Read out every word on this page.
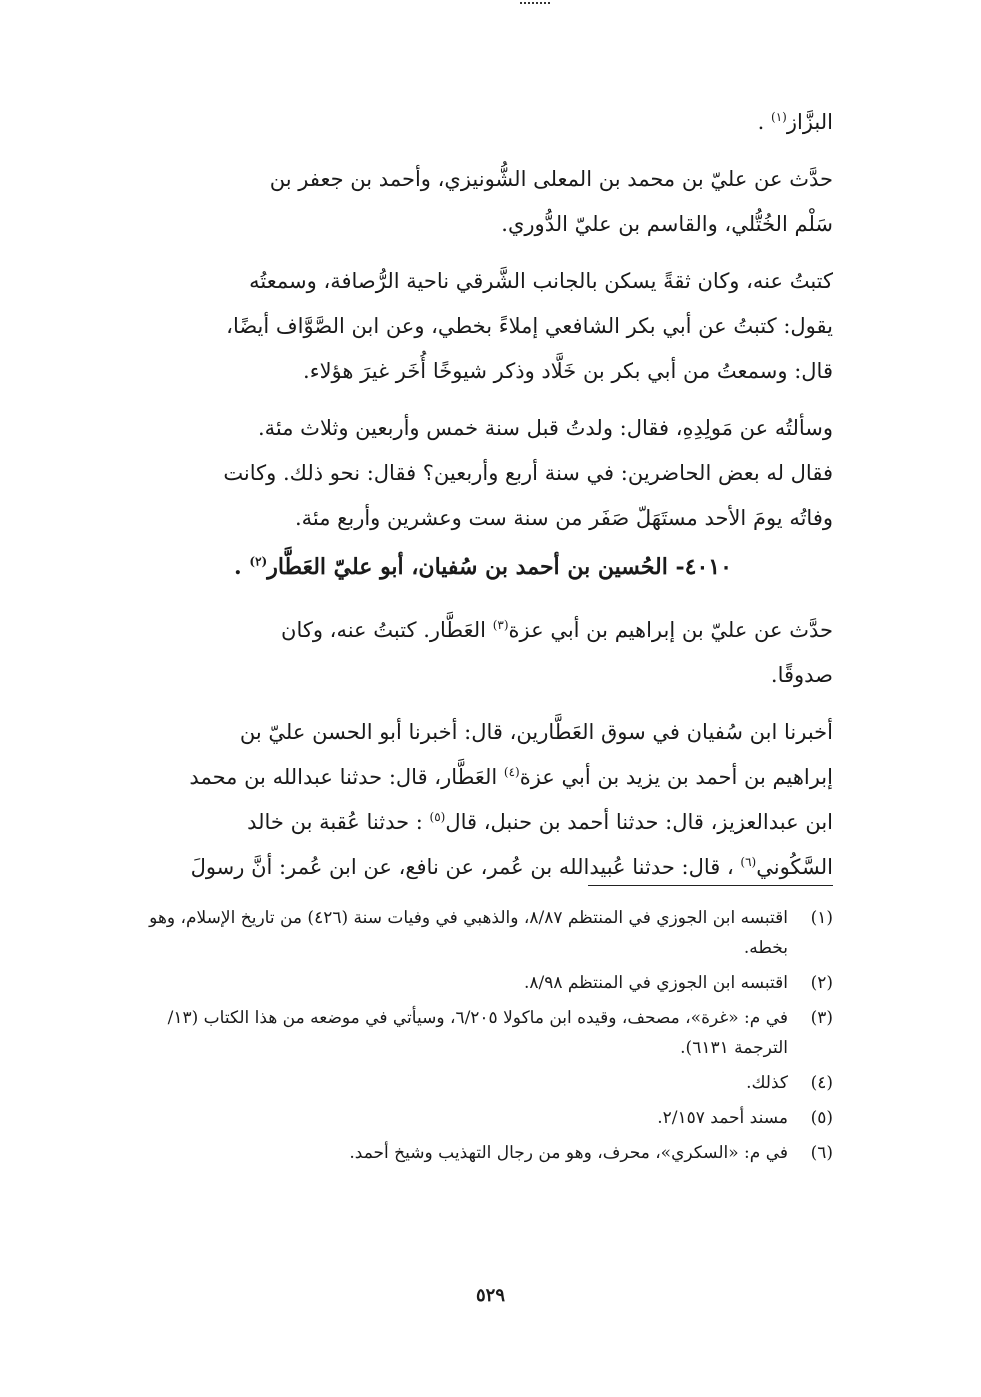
البزَّاز$^{(١)}$ .
حدَّث عن عليّ بن محمد بن المعلى الشُّونيزي، وأحمد بن جعفر بن
سَلْم الخُتُّلي، والقاسم بن عليّ الدُّوري.
كتبتُ عنه، وكان ثقةً يسكن بالجانب الشَّرقي ناحية الرُّصافة، وسمعتُه
يقول: كتبتُ عن أبي بكر الشافعي إملاءً بخطي، وعن ابن الصَّوَّاف أيضًا،
قال: وسمعتُ من أبي بكر بن خَلَّاد وذكر شيوخًا أُخَر غيرَ هؤلاء.
وسألتُه عن مَولِدِهِ، فقال: ولدتُ قبل سنة خمس وأربعين وثلاث مئة.
فقال له بعض الحاضرين: في سنة أربع وأربعين؟ فقال: نحو ذلك. وكانت
وفاتُه يومَ الأحد مستَهَلّ صَفَر من سنة ست وعشرين وأربع مئة.
٤٠١٠- الحُسين بن أحمد بن سُفيان، أبو عليّ العَطَّار$^{(٢)}$ .
حدَّث عن عليّ بن إبراهيم بن أبي عزة$^{(٣)}$ العَطَّار. كتبتُ عنه، وكان
صدوقًا.
أخبرنا ابن سُفيان في سوق العَطَّارين، قال: أخبرنا أبو الحسن عليّ بن
إبراهيم بن أحمد بن يزيد بن أبي عزة$^{(٤)}$ العَطَّار، قال: حدثنا عبدالله بن محمد
ابن عبدالعزيز، قال: حدثنا أحمد بن حنبل، قال$^{(٥)}$ : حدثنا عُقبة بن خالد
السَّكُوني$^{(٦)}$ ، قال: حدثنا عُبيدالله بن عُمر، عن نافع، عن ابن عُمر: أنَّ رسولَ
(١)
اقتبسه ابن الجوزي في المنتظم ٨/٨٧، والذهبي في وفيات سنة (٤٢٦) من تاريخ الإسلام، وهو بخطه.
(٢)
اقتبسه ابن الجوزي في المنتظم ٨/٩٨.
(٣)
في م: «غرة»، مصحف، وقيده ابن ماكولا ٦/٢٠٥، وسيأتي في موضعه من هذا الكتاب (١٣/الترجمة ٦١٣١).
(٤)
كذلك.
(٥)
مسند أحمد ٢/١٥٧.
(٦)
في م: «السكري»، محرف، وهو من رجال التهذيب وشيخ أحمد.
٥٢٩
